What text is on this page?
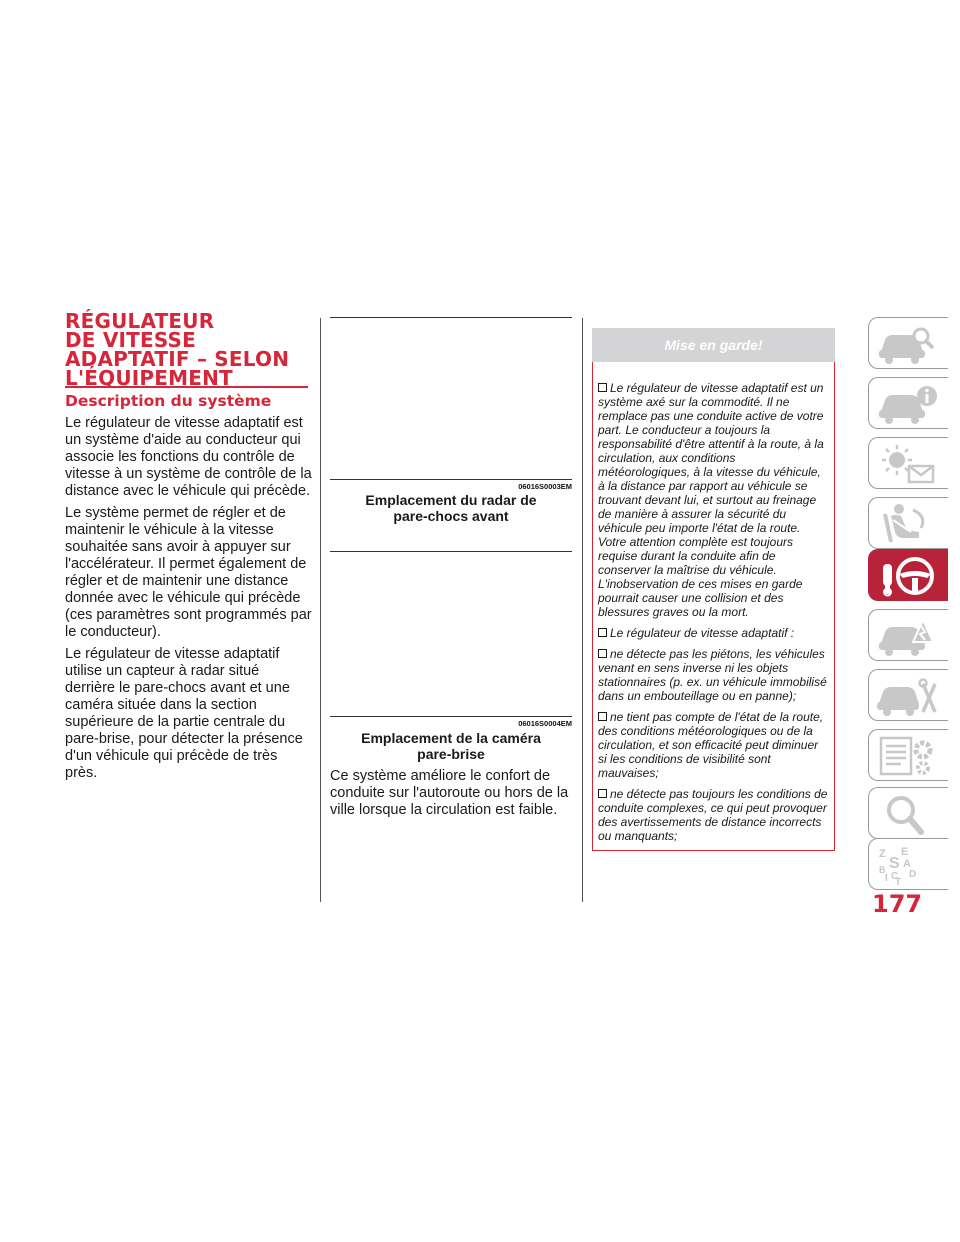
RÉGULATEUR
DE VITESSE
ADAPTATIF – SELON
L'ÉQUIPEMENT
Description du système

Le régulateur de vitesse adaptatif est un système d'aide au conducteur qui associe les fonctions du contrôle de vitesse à un système de contrôle de la distance avec le véhicule qui précède.

Le système permet de régler et de maintenir le véhicule à la vitesse souhaitée sans avoir à appuyer sur l'accélérateur. Il permet également de régler et de maintenir une distance donnée avec le véhicule qui précède (ces paramètres sont programmés par le conducteur).

Le régulateur de vitesse adaptatif utilise un capteur à radar situé derrière le pare-chocs avant et une caméra située dans la section supérieure de la partie centrale du pare-brise, pour détecter la présence d'un véhicule qui précède de très près.

06016S0003EM
Emplacement du radar de
pare-chocs avant
06016S0004EM
Emplacement de la caméra
pare-brise

Ce système améliore le confort de conduite sur l'autoroute ou hors de la ville lorsque la circulation est faible.

Mise en garde!

Le régulateur de vitesse adaptatif est un système axé sur la commodité. Il ne remplace pas une conduite active de votre part. Le conducteur a toujours la responsabilité d'être attentif à la route, à la circulation, aux conditions météorologiques, à la vitesse du véhicule, à la distance par rapport au véhicule se trouvant devant lui, et surtout au freinage de manière à assurer la sécurité du véhicule peu importe l'état de la route. Votre attention complète est toujours requise durant la conduite afin de conserver la maîtrise du véhicule. L'inobservation de ces mises en garde pourrait causer une collision et des blessures graves ou la mort.

Le régulateur de vitesse adaptatif :

ne détecte pas les piétons, les véhicules venant en sens inverse ni les objets stationnaires (p. ex. un véhicule immobilisé dans un embouteillage ou en panne);

ne tient pas compte de l'état de la route, des conditions météorologiques ou de la circulation, et son efficacité peut diminuer si les conditions de visibilité sont mauvaises;

ne détecte pas toujours les conditions de conduite complexes, ce qui peut provoquer des avertissements de distance incorrects ou manquants;

Z E
S A
B
I C D
T
177
